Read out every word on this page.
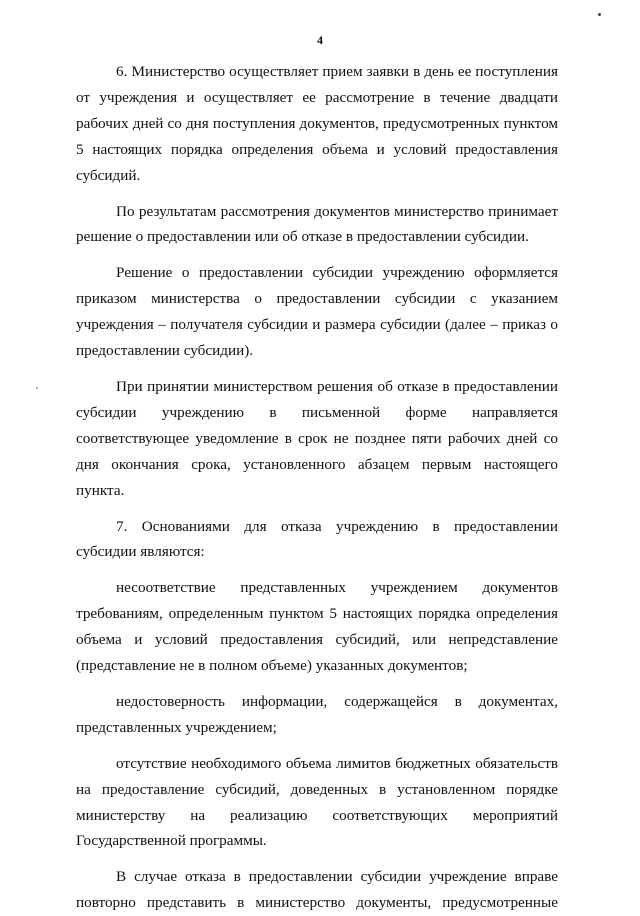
4

6. Министерство осуществляет прием заявки в день ее поступления от учреждения и осуществляет ее рассмотрение в течение двадцати рабочих дней со дня поступления документов, предусмотренных пунктом 5 настоящих порядка определения объема и условий предоставления субсидий.

По результатам рассмотрения документов министерство принимает решение о предоставлении или об отказе в предоставлении субсидии.

Решение о предоставлении субсидии учреждению оформляется приказом министерства о предоставлении субсидии с указанием учреждения – получателя субсидии и размера субсидии (далее – приказ о предоставлении субсидии).

При принятии министерством решения об отказе в предоставлении субсидии учреждению в письменной форме направляется соответствующее уведомление в срок не позднее пяти рабочих дней со дня окончания срока, установленного абзацем первым настоящего пункта.

7. Основаниями для отказа учреждению в предоставлении субсидии являются:

несоответствие представленных учреждением документов требованиям, определенным пунктом 5 настоящих порядка определения объема и условий предоставления субсидий, или непредставление (представление не в полном объеме) указанных документов;

недостоверность информации, содержащейся в документах, представленных учреждением;

отсутствие необходимого объема лимитов бюджетных обязательств на предоставление субсидий, доведенных в установленном порядке министерству на реализацию соответствующих мероприятий Государственной программы.

В случае отказа в предоставлении субсидии учреждение вправе повторно представить в министерство документы, предусмотренные
